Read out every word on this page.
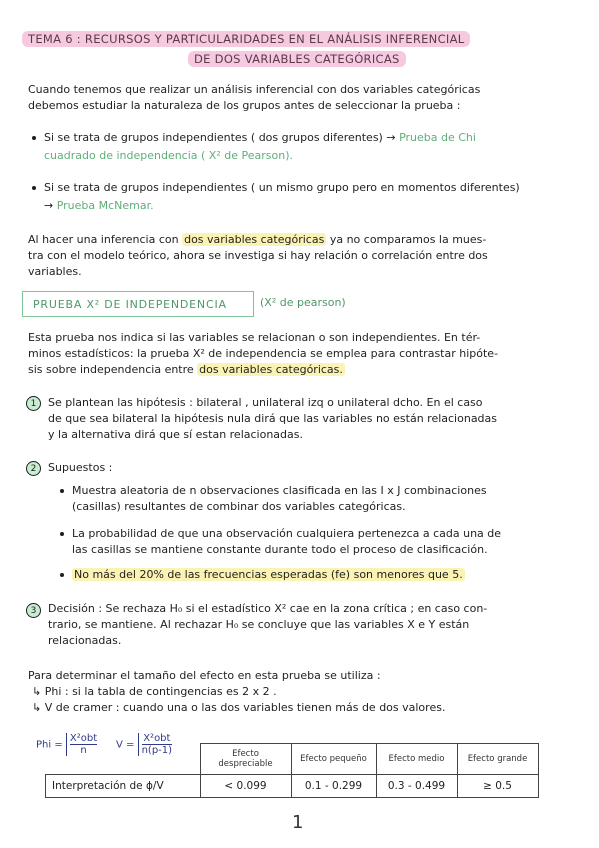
TEMA 6 : RECURSOS Y PARTICULARIDADES EN EL ANÁLISIS INFERENCIAL
DE DOS VARIABLES CATEGÓRICAS

Cuando tenemos que realizar un análisis inferencial con dos variables categóricas

debemos estudiar la naturaleza de los grupos antes de seleccionar la prueba :

Si se trata de grupos independientes ( dos grupos diferentes) → Prueba de Chi
cuadrado de independencia ( X² de Pearson).
Si se trata de grupos independientes ( un mismo grupo pero en momentos diferentes)
→ Prueba McNemar.

Al hacer una inferencia con dos variables categóricas ya no comparamos la mues-

tra con el modelo teórico, ahora se investiga si hay relación o correlación entre dos

variables.

PRUEBA X² DE INDEPENDENCIA	(X² de pearson)

Esta prueba nos indica si las variables se relacionan o son independientes. En tér-

minos estadísticos: la prueba X² de independencia se emplea para contrastar hipóte-

sis sobre independencia entre dos variables categóricas.

1	Se plantean las hipótesis : bilateral , unilateral izq o unilateral dcho. En el caso

de que sea bilateral la hipótesis nula dirá que las variables no están relacionadas

y la alternativa dirá que sí estan relacionadas.

2	Supuestos :

Muestra aleatoria de n observaciones clasificada en las I x J combinaciones
(casillas) resultantes de combinar dos variables categóricas.
La probabilidad de que una observación cualquiera pertenezca a cada una de
las casillas se mantiene constante durante todo el proceso de clasificación.
No más del 20% de las frecuencias esperadas (fe) son menores que 5.
3	Decisión : Se rechaza H₀ si el estadístico X² cae en la zona crítica ; en caso con-

trario, se mantiene. Al rechazar H₀ se concluye que las variables X e Y están

relacionadas.

Para determinar el tamaño del efecto en esta prueba se utiliza :

↳ Phi : si la tabla de contingencias es 2 x 2 .

↳ V de cramer : cuando una o las dos variables tienen más de dos valores.

Phi =
X²obt
n	V =
X²obt
n(p-1)
		Efecto despreciable	Efecto pequeño	Efecto medio	Efecto grande
Interpretación de ϕ/V	< 0.099	0.1 - 0.299	0.3 - 0.499	≥ 0.5
1
